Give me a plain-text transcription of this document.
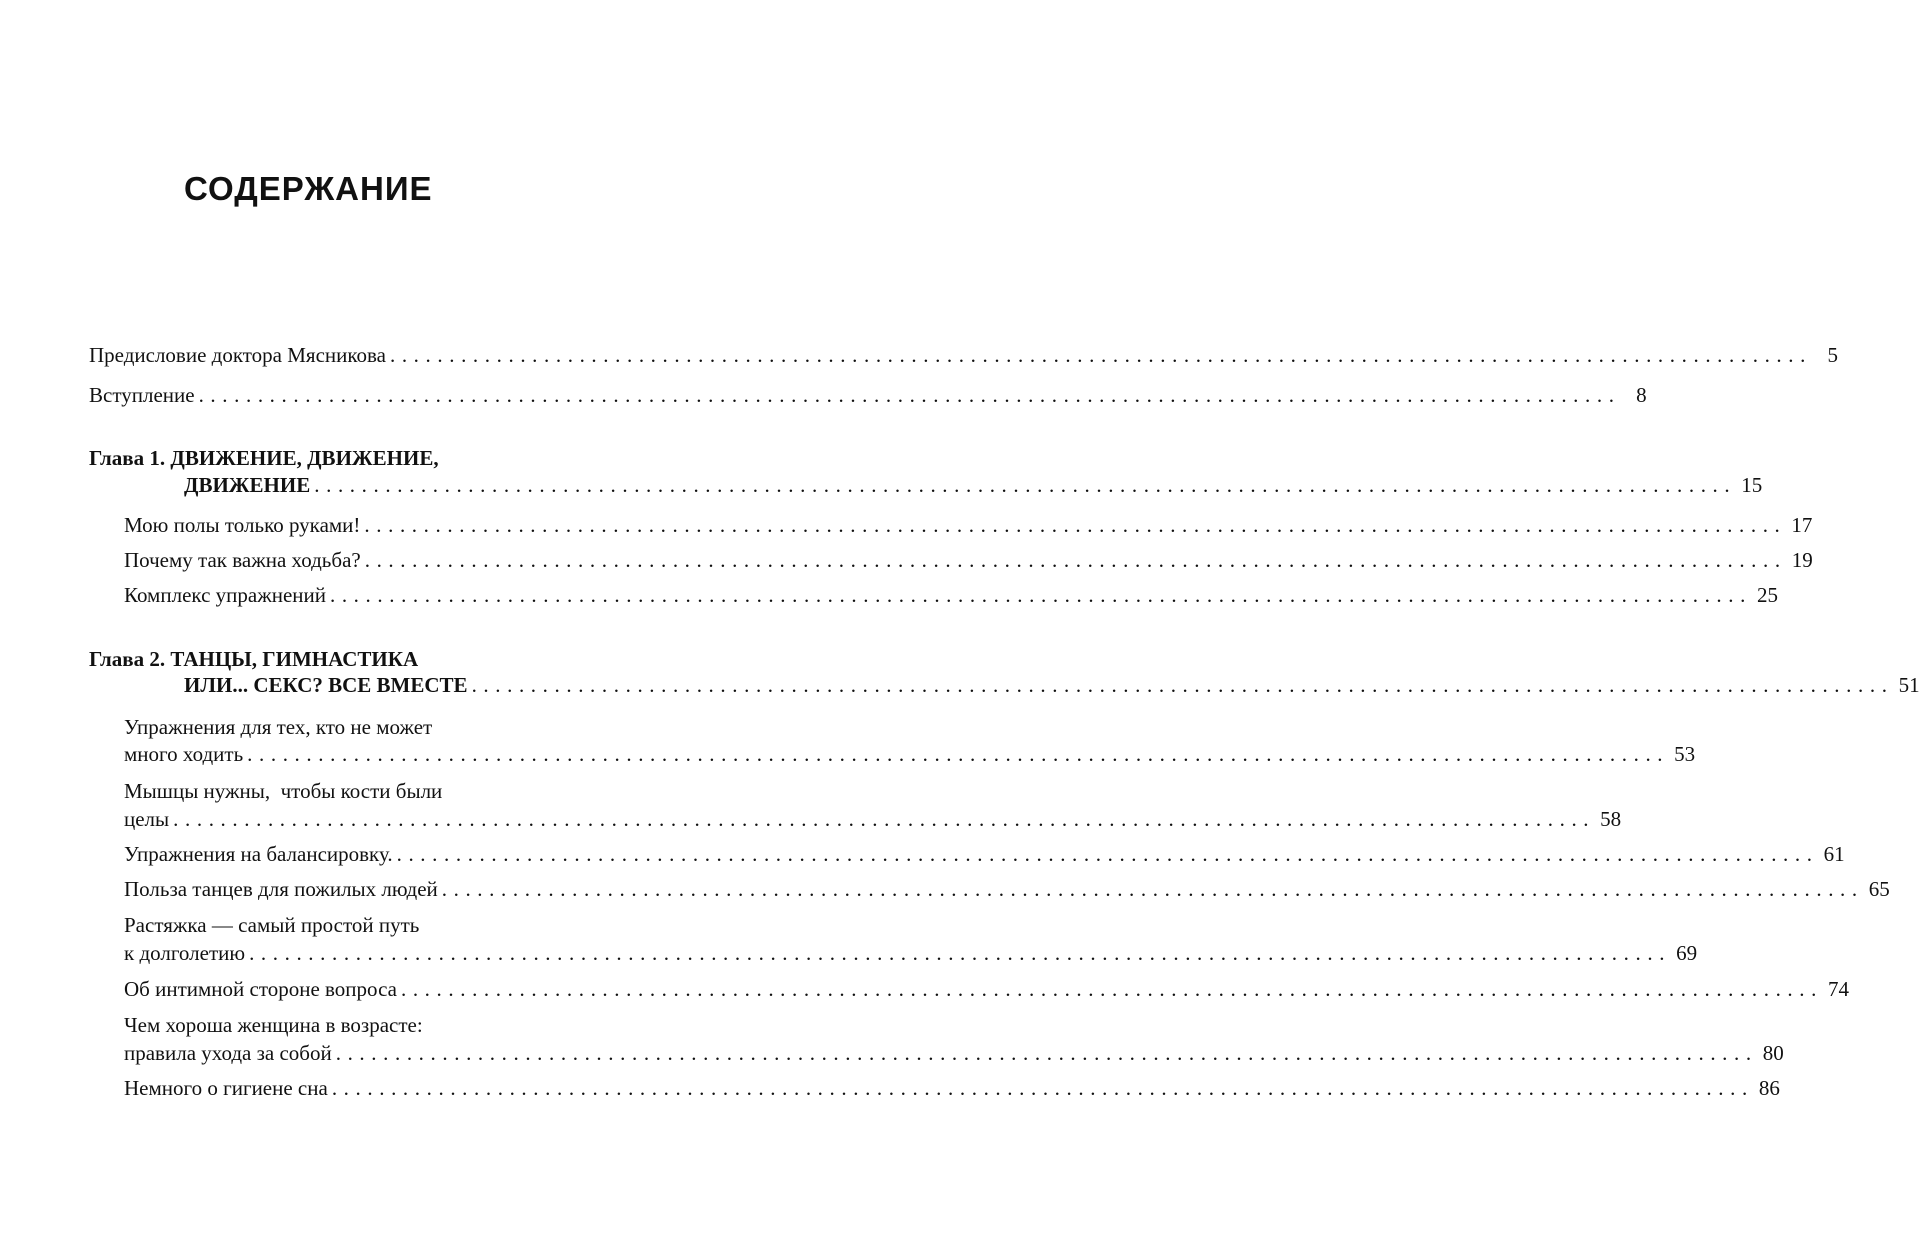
СОДЕРЖАНИЕ
Предисловие доктора Мясникова ........................................................................................................................ 5
Вступление ........................................................................................................................ 8
Глава 1. ДВИЖЕНИЕ, ДВИЖЕНИЕ,
ДВИЖЕНИЕ ........................................................................................................................ 15
Мою полы только руками! ........................................................................................................................ 17
Почему так важна ходьба? ........................................................................................................................ 19
Комплекс упражнений ........................................................................................................................ 25
Глава 2. ТАНЦЫ, ГИМНАСТИКА
ИЛИ... СЕКС? ВСЕ ВМЕСТЕ ........................................................................................................................ 51
Упражнения для тех, кто не может
много ходить ........................................................................................................................ 53
Мышцы нужны,  чтобы кости были
целы ........................................................................................................................ 58
Упражнения на балансировку. ........................................................................................................................ 61
Польза танцев для пожилых людей ........................................................................................................................ 65
Растяжка — самый простой путь
к долголетию ........................................................................................................................ 69
Об интимной стороне вопроса ........................................................................................................................ 74
Чем хороша женщина в возрасте:
правила ухода за собой ........................................................................................................................ 80
Немного о гигиене сна ........................................................................................................................ 86
